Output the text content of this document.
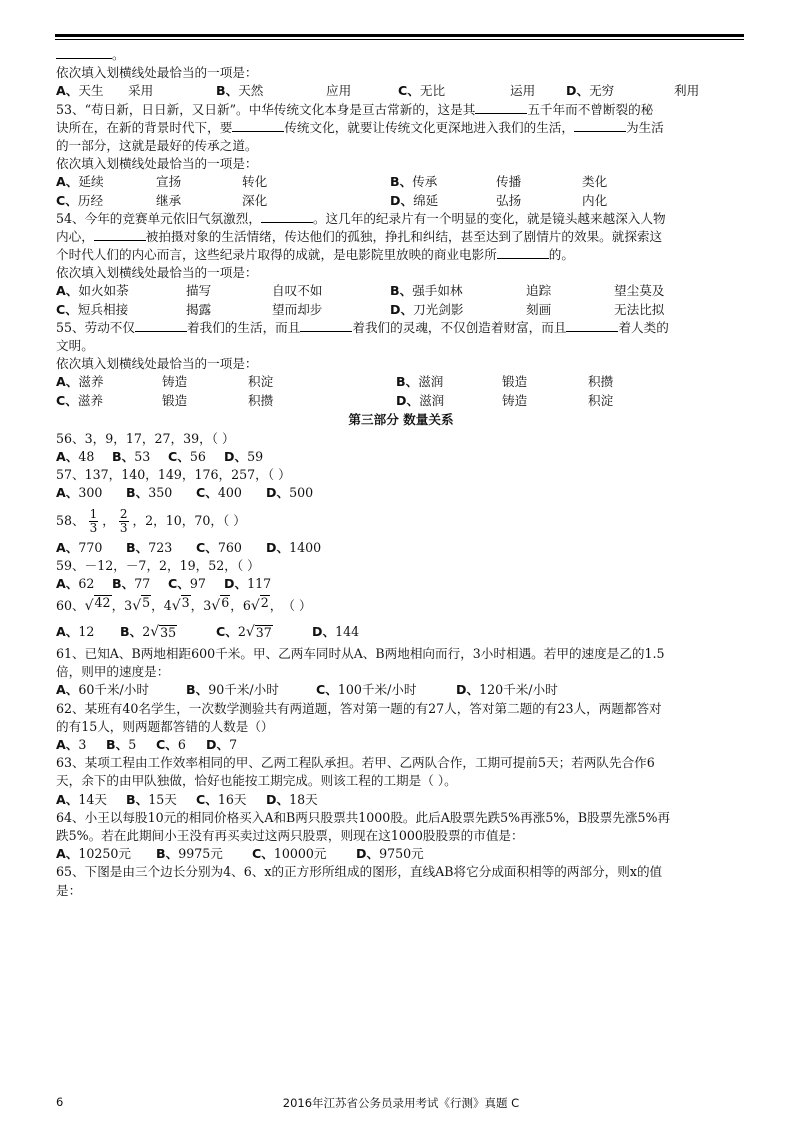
。
依次填入划横线处最恰当的一项是：
A、天生	采用	B、天然	应用	C、无比	运用	D、无穷	利用
53、“苟日新，日日新，又日新”。中华传统文化本身是亘古常新的，这是其	五千年而不曾断裂的秘
诀所在，在新的背景时代下，要	传统文化，就要让传统文化更深地进入我们的生活，	为生活
的一部分，这就是最好的传承之道。
依次填入划横线处最恰当的一项是：
A、延续	宣扬	转化	B、传承	传播	类化
C、历经	继承	深化	D、绵延	弘扬	内化
54、今年的竞赛单元依旧气氛激烈，	。这几年的纪录片有一个明显的变化，就是镜头越来越深入人物
内心，	被拍摄对象的生活情绪，传达他们的孤独，挣扎和纠结，甚至达到了剧情片的效果。就探索这
个时代人们的内心而言，这些纪录片取得的成就，是电影院里放映的商业电影所	的。
依次填入划横线处最恰当的一项是：
A、如火如荼	描写	自叹不如	B、强手如林	追踪	望尘莫及
C、短兵相接	揭露	望而却步	D、刀光剑影	刻画	无法比拟
55、劳动不仅	着我们的生活，而且	着我们的灵魂，不仅创造着财富，而且	着人类的
文明。
依次填入划横线处最恰当的一项是：
A、滋养	铸造	积淀	B、滋润	锻造	积攒
C、滋养	锻造	积攒	D、滋润	铸造	积淀
第三部分 数量关系
56、3，9，17，27，39，（ ）
A、48	B、53	C、56	D、59
57、137，140，149，176，257，（ ）
A、300	B、350	C、400	D、500
58、 $\frac{1}{3}$ ， $\frac{2}{3}$ ，2，10，70，（ ）
A、770	B、723	C、760	D、1400
59、－12，－7，2，19，52，（ ）
A、62	B、77	C、97	D、117
60、 √ 42 ， 3 √ 5 ， 4 √ 3 ， 3 √ 6 ， 6 √ 2 ， （ ）
A、12	B、 2 √ 35	C、 2 √ 37	D、144
61、已知A、B两地相距600千米。甲、乙两车同时从A、B两地相向而行，3小时相遇。若甲的速度是乙的1.5
倍，则甲的速度是：
A、60千米/小时	B、90千米/小时	C、100千米/小时	D、120千米/小时
62、某班有40名学生，一次数学测验共有两道题，答对第一题的有27人，答对第二题的有23人，两题都答对
的有15人，则两题都答错的人数是（）
A、3	B、5	C、6	D、7
63、某项工程由工作效率相同的甲、乙两工程队承担。若甲、乙两队合作，工期可提前5天；若两队先合作6
天，余下的由甲队独做，恰好也能按工期完成。则该工程的工期是（ ）。
A、14天	B、15天	C、16天	D、18天
64、小王以每股10元的相同价格买入A和B两只股票共1000股。此后A股票先跌5%再涨5%，B股票先涨5%再
跌5%。若在此期间小王没有再买卖过这两只股票，则现在这1000股股票的市值是：
A、10250元	B、9975元	C、10000元	D、9750元
65、下图是由三个边长分别为4、6、x的正方形所组成的图形，直线AB将它分成面积相等的两部分，则x的值
是：
6	2016年江苏省公务员录用考试《行测》真题 C
